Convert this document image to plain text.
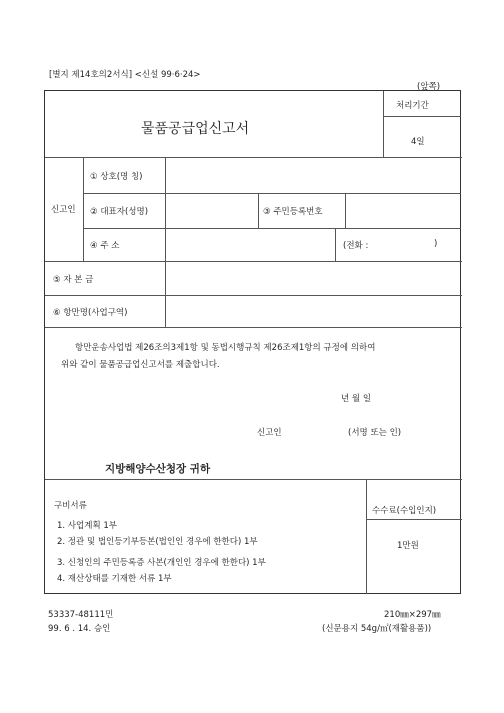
[별지 제14호의2서식] <신설 99·6·24>
(앞쪽)
물품공급업신고서
처리기간
4일
신고인
① 상호(명 칭)
② 대표자(성명)	③ 주민등록번호
④ 주 소	(전화 :	)
⑤ 자 본 금
⑥ 항만명(사업구역)
항만운송사업법 제26조의3제1항 및 동법시행규칙 제26조제1항의 규정에 의하여
위와 같이 물품공급업신고서를 제출합니다.
년 월 일
신고인	(서명 또는 인)
지방해양수산청장 귀하
구비서류
1. 사업계획 1부
2. 정관 및 법인등기부등본(법인인 경우에 한한다) 1부
3. 신청인의 주민등록증 사본(개인인 경우에 한한다) 1부
4. 재산상태를 기재한 서류 1부
수수료(수입인지)
1만원
53337-48111민
99. 6 . 14. 승인
210㎜×297㎜
(신문용지 54g/㎡(재활용품))
